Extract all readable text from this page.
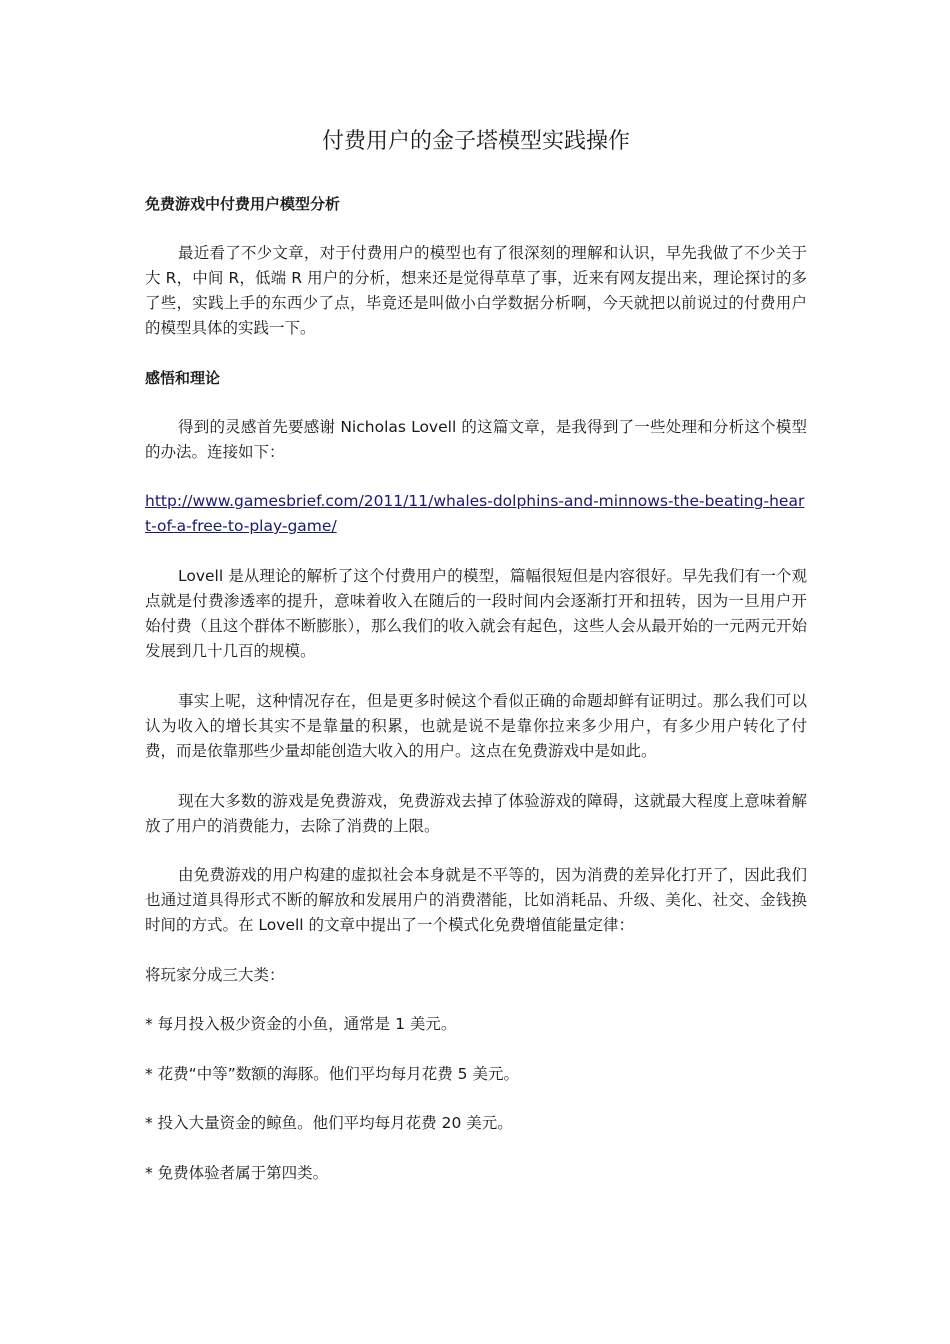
付费用户的金子塔模型实践操作

免费游戏中付费用户模型分析

最近看了不少文章，对于付费用户的模型也有了很深刻的理解和认识，早先我做了不少关于大 R，中间 R，低端 R 用户的分析，想来还是觉得草草了事，近来有网友提出来，理论探讨的多了些，实践上手的东西少了点，毕竟还是叫做小白学数据分析啊，今天就把以前说过的付费用户的模型具体的实践一下。

感悟和理论

得到的灵感首先要感谢 Nicholas Lovell 的这篇文章，是我得到了一些处理和分析这个模型的办法。连接如下：

http://www.gamesbrief.com/2011/11/whales-dolphins-and-minnows-the-beating-heart-of-a-free-to-play-game/

Lovell 是从理论的解析了这个付费用户的模型，篇幅很短但是内容很好。早先我们有一个观点就是付费渗透率的提升，意味着收入在随后的一段时间内会逐渐打开和扭转，因为一旦用户开始付费（且这个群体不断膨胀），那么我们的收入就会有起色，这些人会从最开始的一元两元开始发展到几十几百的规模。

事实上呢，这种情况存在，但是更多时候这个看似正确的命题却鲜有证明过。那么我们可以认为收入的增长其实不是靠量的积累，也就是说不是靠你拉来多少用户，有多少用户转化了付费，而是依靠那些少量却能创造大收入的用户。这点在免费游戏中是如此。

现在大多数的游戏是免费游戏，免费游戏去掉了体验游戏的障碍，这就最大程度上意味着解放了用户的消费能力，去除了消费的上限。

由免费游戏的用户构建的虚拟社会本身就是不平等的，因为消费的差异化打开了，因此我们也通过道具得形式不断的解放和发展用户的消费潜能，比如消耗品、升级、美化、社交、金钱换时间的方式。在 Lovell 的文章中提出了一个模式化免费增值能量定律：

将玩家分成三大类：

* 每月投入极少资金的小鱼，通常是 1 美元。

* 花费“中等”数额的海豚。他们平均每月花费 5 美元。

* 投入大量资金的鲸鱼。他们平均每月花费 20 美元。

* 免费体验者属于第四类。
